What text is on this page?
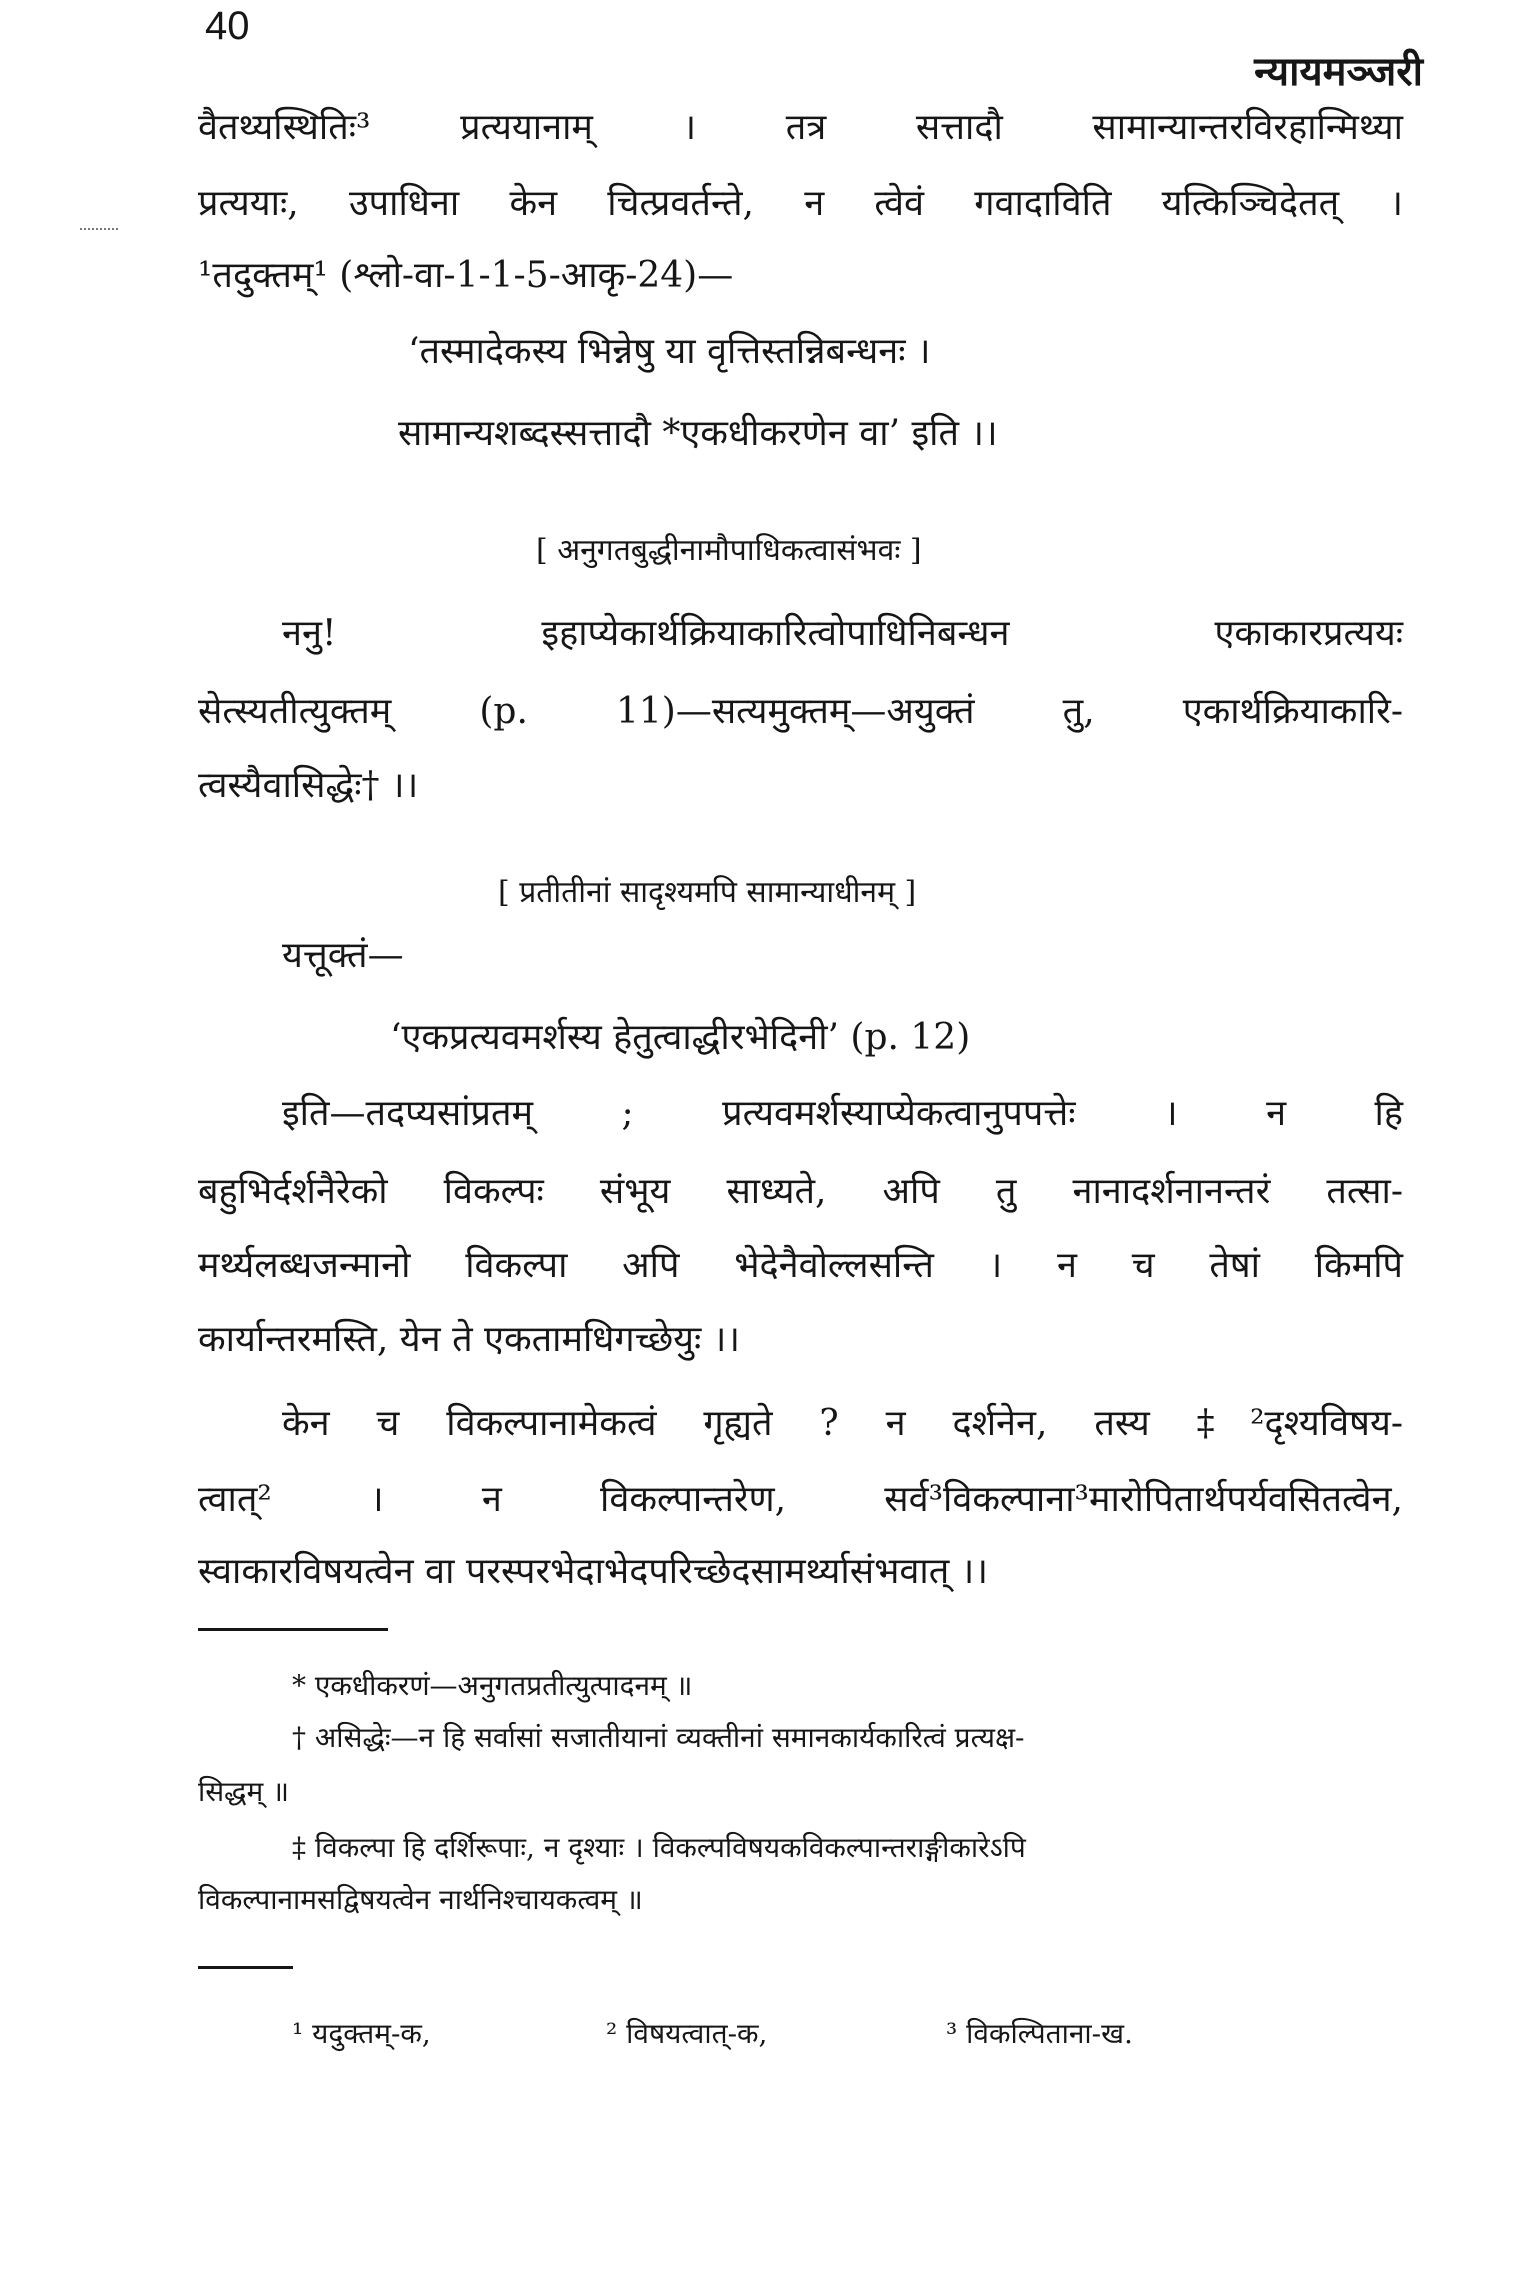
40
न्यायमञ्जरी
वैतथ्यस्थितिः³ प्रत्ययानाम् । तत्र सत्तादौ सामान्यान्तरविरहान्मिथ्या
प्रत्ययाः, उपाधिना केन चित्प्रवर्तन्ते, न त्वेवं गवादाविति यत्किञ्चिदेतत् ।
¹तदुक्तम्¹ (श्लो-वा-1-1-5-आकृ-24)—
‘तस्मादेकस्य भिन्नेषु या वृत्तिस्तन्निबन्धनः ।
सामान्यशब्दस्सत्तादौ *एकधीकरणेन वा’ इति ।।
[ अनुगतबुद्धीनामौपाधिकत्वासंभवः ]
ननु! इहाप्येकार्थक्रियाकारित्वोपाधिनिबन्धन एकाकारप्रत्ययः
सेत्स्यतीत्युक्तम् (p. 11)—सत्यमुक्तम्—अयुक्तं तु, एकार्थक्रियाकारि-
त्वस्यैवासिद्धेः† ।।
[ प्रतीतीनां सादृश्यमपि सामान्याधीनम् ]
यत्तूक्तं—
‘एकप्रत्यवमर्शस्य हेतुत्वाद्धीरभेदिनी’ (p. 12)
इति—तदप्यसांप्रतम् ; प्रत्यवमर्शस्याप्येकत्वानुपपत्तेः । न हि
बहुभिर्दर्शनैरेको विकल्पः संभूय साध्यते, अपि तु नानादर्शनानन्तरं तत्सा-
मर्थ्यलब्धजन्मानो विकल्पा अपि भेदेनैवोल्लसन्ति । न च तेषां किमपि
कार्यान्तरमस्ति, येन ते एकतामधिगच्छेयुः ।।
केन च विकल्पानामेकत्वं गृह्यते ? न दर्शनेन, तस्य ‡²दृश्यविषय-
त्वात्² । न विकल्पान्तरेण, सर्व³विकल्पाना³मारोपितार्थपर्यवसितत्वेन,
स्वाकारविषयत्वेन वा परस्परभेदाभेदपरिच्छेदसामर्थ्यासंभवात् ।।
* एकधीकरणं—अनुगतप्रतीत्युत्पादनम् ॥
† असिद्धेः—न हि सर्वासां सजातीयानां व्यक्तीनां समानकार्यकारित्वं प्रत्यक्ष-
सिद्धम् ॥
‡ विकल्पा हि दर्शिरूपाः, न दृश्याः । विकल्पविषयकविकल्पान्तराङ्गीकारेऽपि
विकल्पानामसद्विषयत्वेन नार्थनिश्चायकत्वम् ॥
¹ यदुक्तम्-क,	² विषयत्वात्-क,	³ विकल्पिताना-ख.
